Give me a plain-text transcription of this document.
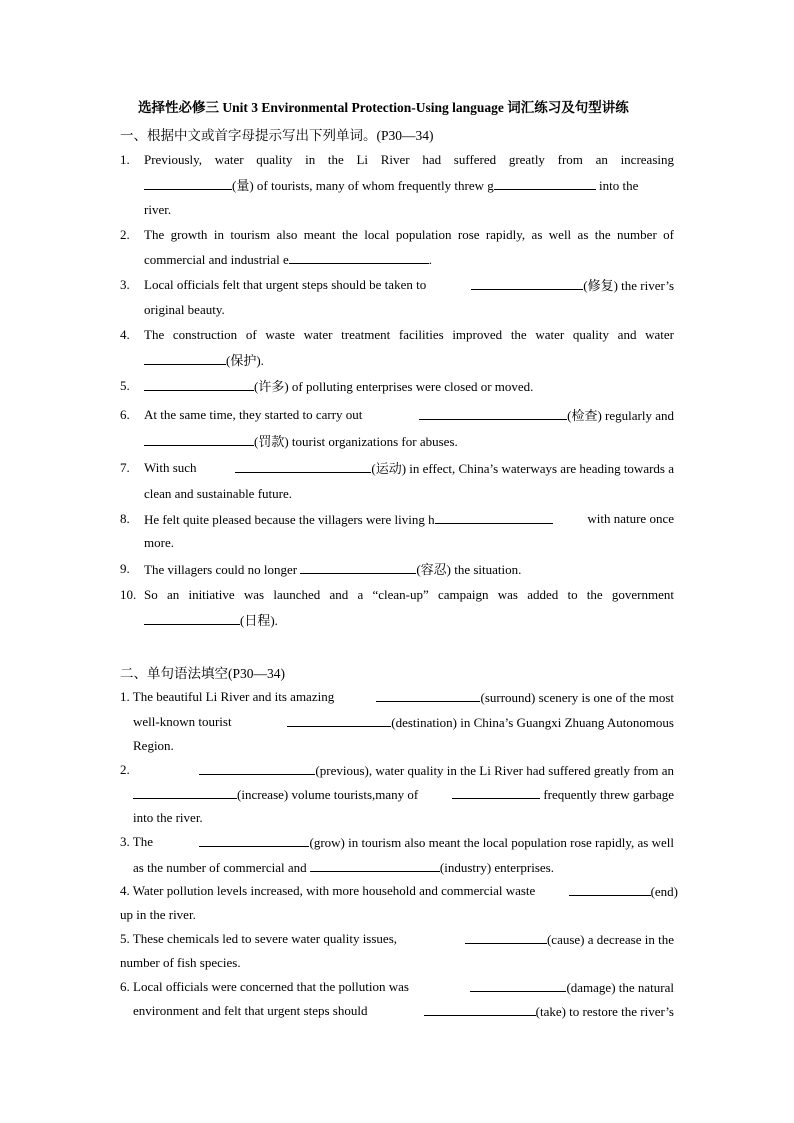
选择性必修三 Unit 3 Environmental Protection-Using language 词汇练习及句型讲练
一、根据中文或首字母提示写出下列单词。(P30—34)
1. Previously, water quality in the Li River had suffered greatly from an increasing
(量) of tourists, many of whom frequently threw g	into the
river.
2. The growth in tourism also meant the local population rose rapidly, as well as the number of
commercial and industrial e	.
3. Local officials felt that urgent steps should be taken to	(修复) the river’s
original beauty.
4. The construction of waste water treatment facilities improved the water quality and water
(保护).
5.	(许多) of polluting enterprises were closed or moved.
6. At the same time, they started to carry out	(检查) regularly and
(罚款) tourist organizations for abuses.
7. With such	(运动) in effect, China’s waterways are heading towards a
clean and sustainable future.
8. He felt quite pleased because the villagers were living h	with nature once
more.
9. The villagers could no longer	(容忍) the situation.
10. So an initiative was launched and a “clean-up” campaign was added to the government
(日程).
二、单句语法填空(P30—34)
1. The beautiful Li River and its amazing	(surround) scenery is one of the most
well-known tourist	(destination) in China’s Guangxi Zhuang Autonomous
Region.
2.	(previous), water quality in the Li River had suffered greatly from an
(increase) volume tourists,many of	frequently threw garbage
into the river.
3. The	(grow) in tourism also meant the local population rose rapidly, as well
as the number of commercial and	(industry) enterprises.
4. Water pollution levels increased, with more household and commercial waste	(end)
up in the river.
5. These chemicals led to severe water quality issues,	(cause) a decrease in the
number of fish species.
6. Local officials were concerned that the pollution was	(damage) the natural
environment and felt that urgent steps should	(take) to restore the river’s
